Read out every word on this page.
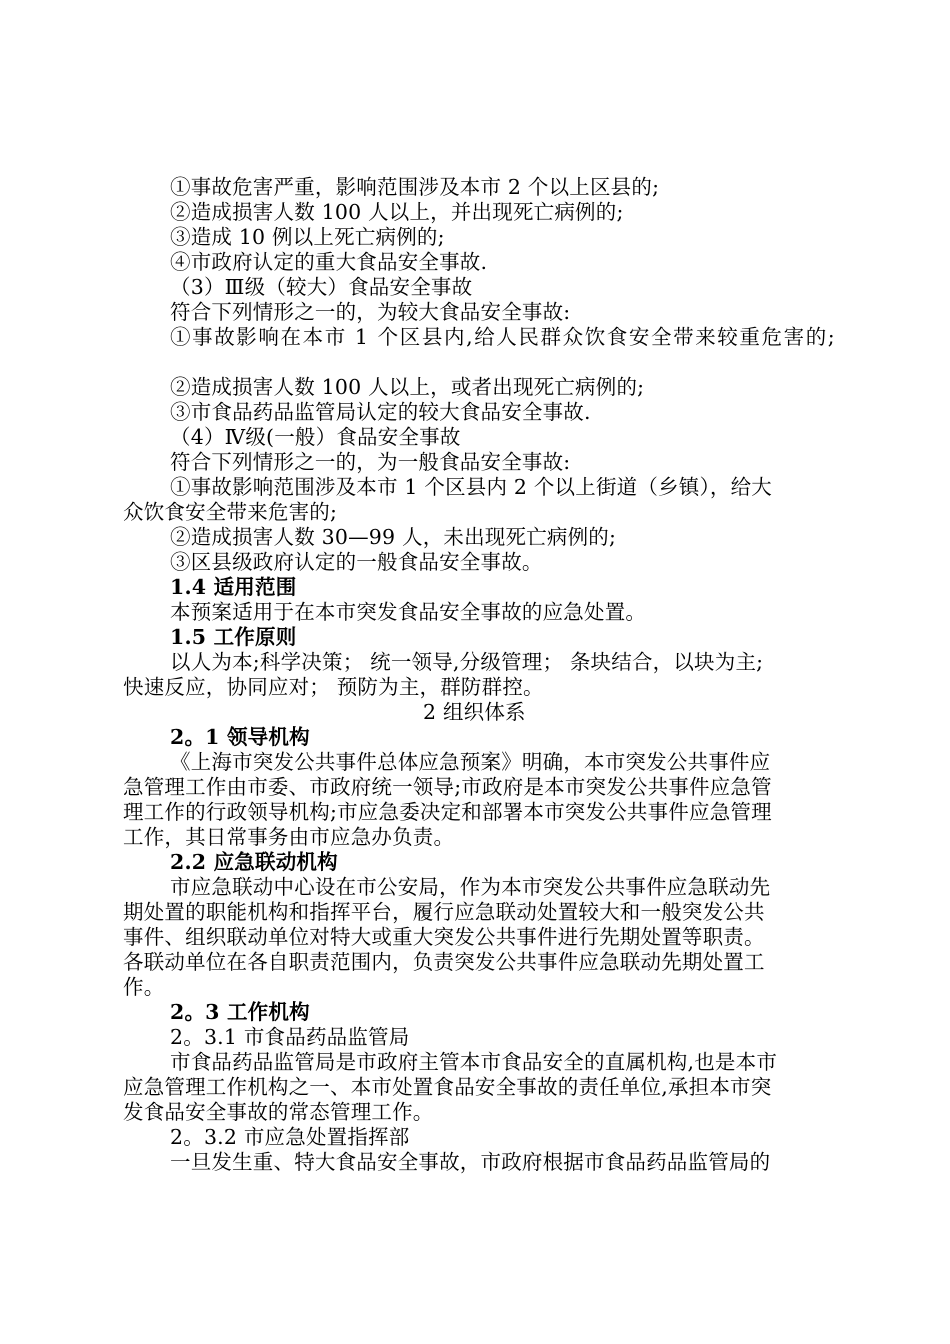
①事故危害严重，影响范围涉及本市 2 个以上区县的;
②造成损害人数 100 人以上，并出现死亡病例的;
③造成 10 例以上死亡病例的;
④市政府认定的重大食品安全事故.
（3）Ⅲ级（较大）食品安全事故
符合下列情形之一的，为较大食品安全事故:
①事故影响在本市 1 个区县内,给人民群众饮食安全带来较重危害的;
②造成损害人数 100 人以上，或者出现死亡病例的;
③市食品药品监管局认定的较大食品安全事故.
（4）Ⅳ级(一般）食品安全事故
符合下列情形之一的，为一般食品安全事故:
①事故影响范围涉及本市 1 个区县内 2 个以上街道（乡镇），给大
众饮食安全带来危害的;
②造成损害人数 30—99 人，未出现死亡病例的;
③区县级政府认定的一般食品安全事故。
1.4 适用范围
本预案适用于在本市突发食品安全事故的应急处置。
1.5 工作原则
以人为本;科学决策； 统一领导,分级管理； 条块结合，以块为主;
快速反应，协同应对； 预防为主，群防群控。
2 组织体系
2。1 领导机构
《上海市突发公共事件总体应急预案》明确，本市突发公共事件应
急管理工作由市委、市政府统一领导;市政府是本市突发公共事件应急管
理工作的行政领导机构;市应急委决定和部署本市突发公共事件应急管理
工作，其日常事务由市应急办负责。
2.2 应急联动机构
市应急联动中心设在市公安局，作为本市突发公共事件应急联动先
期处置的职能机构和指挥平台，履行应急联动处置较大和一般突发公共
事件、组织联动单位对特大或重大突发公共事件进行先期处置等职责。
各联动单位在各自职责范围内，负责突发公共事件应急联动先期处置工
作。
2。3 工作机构
2。3.1 市食品药品监管局
市食品药品监管局是市政府主管本市食品安全的直属机构,也是本市
应急管理工作机构之一、本市处置食品安全事故的责任单位,承担本市突
发食品安全事故的常态管理工作。
2。3.2 市应急处置指挥部
一旦发生重、特大食品安全事故，市政府根据市食品药品监管局的
